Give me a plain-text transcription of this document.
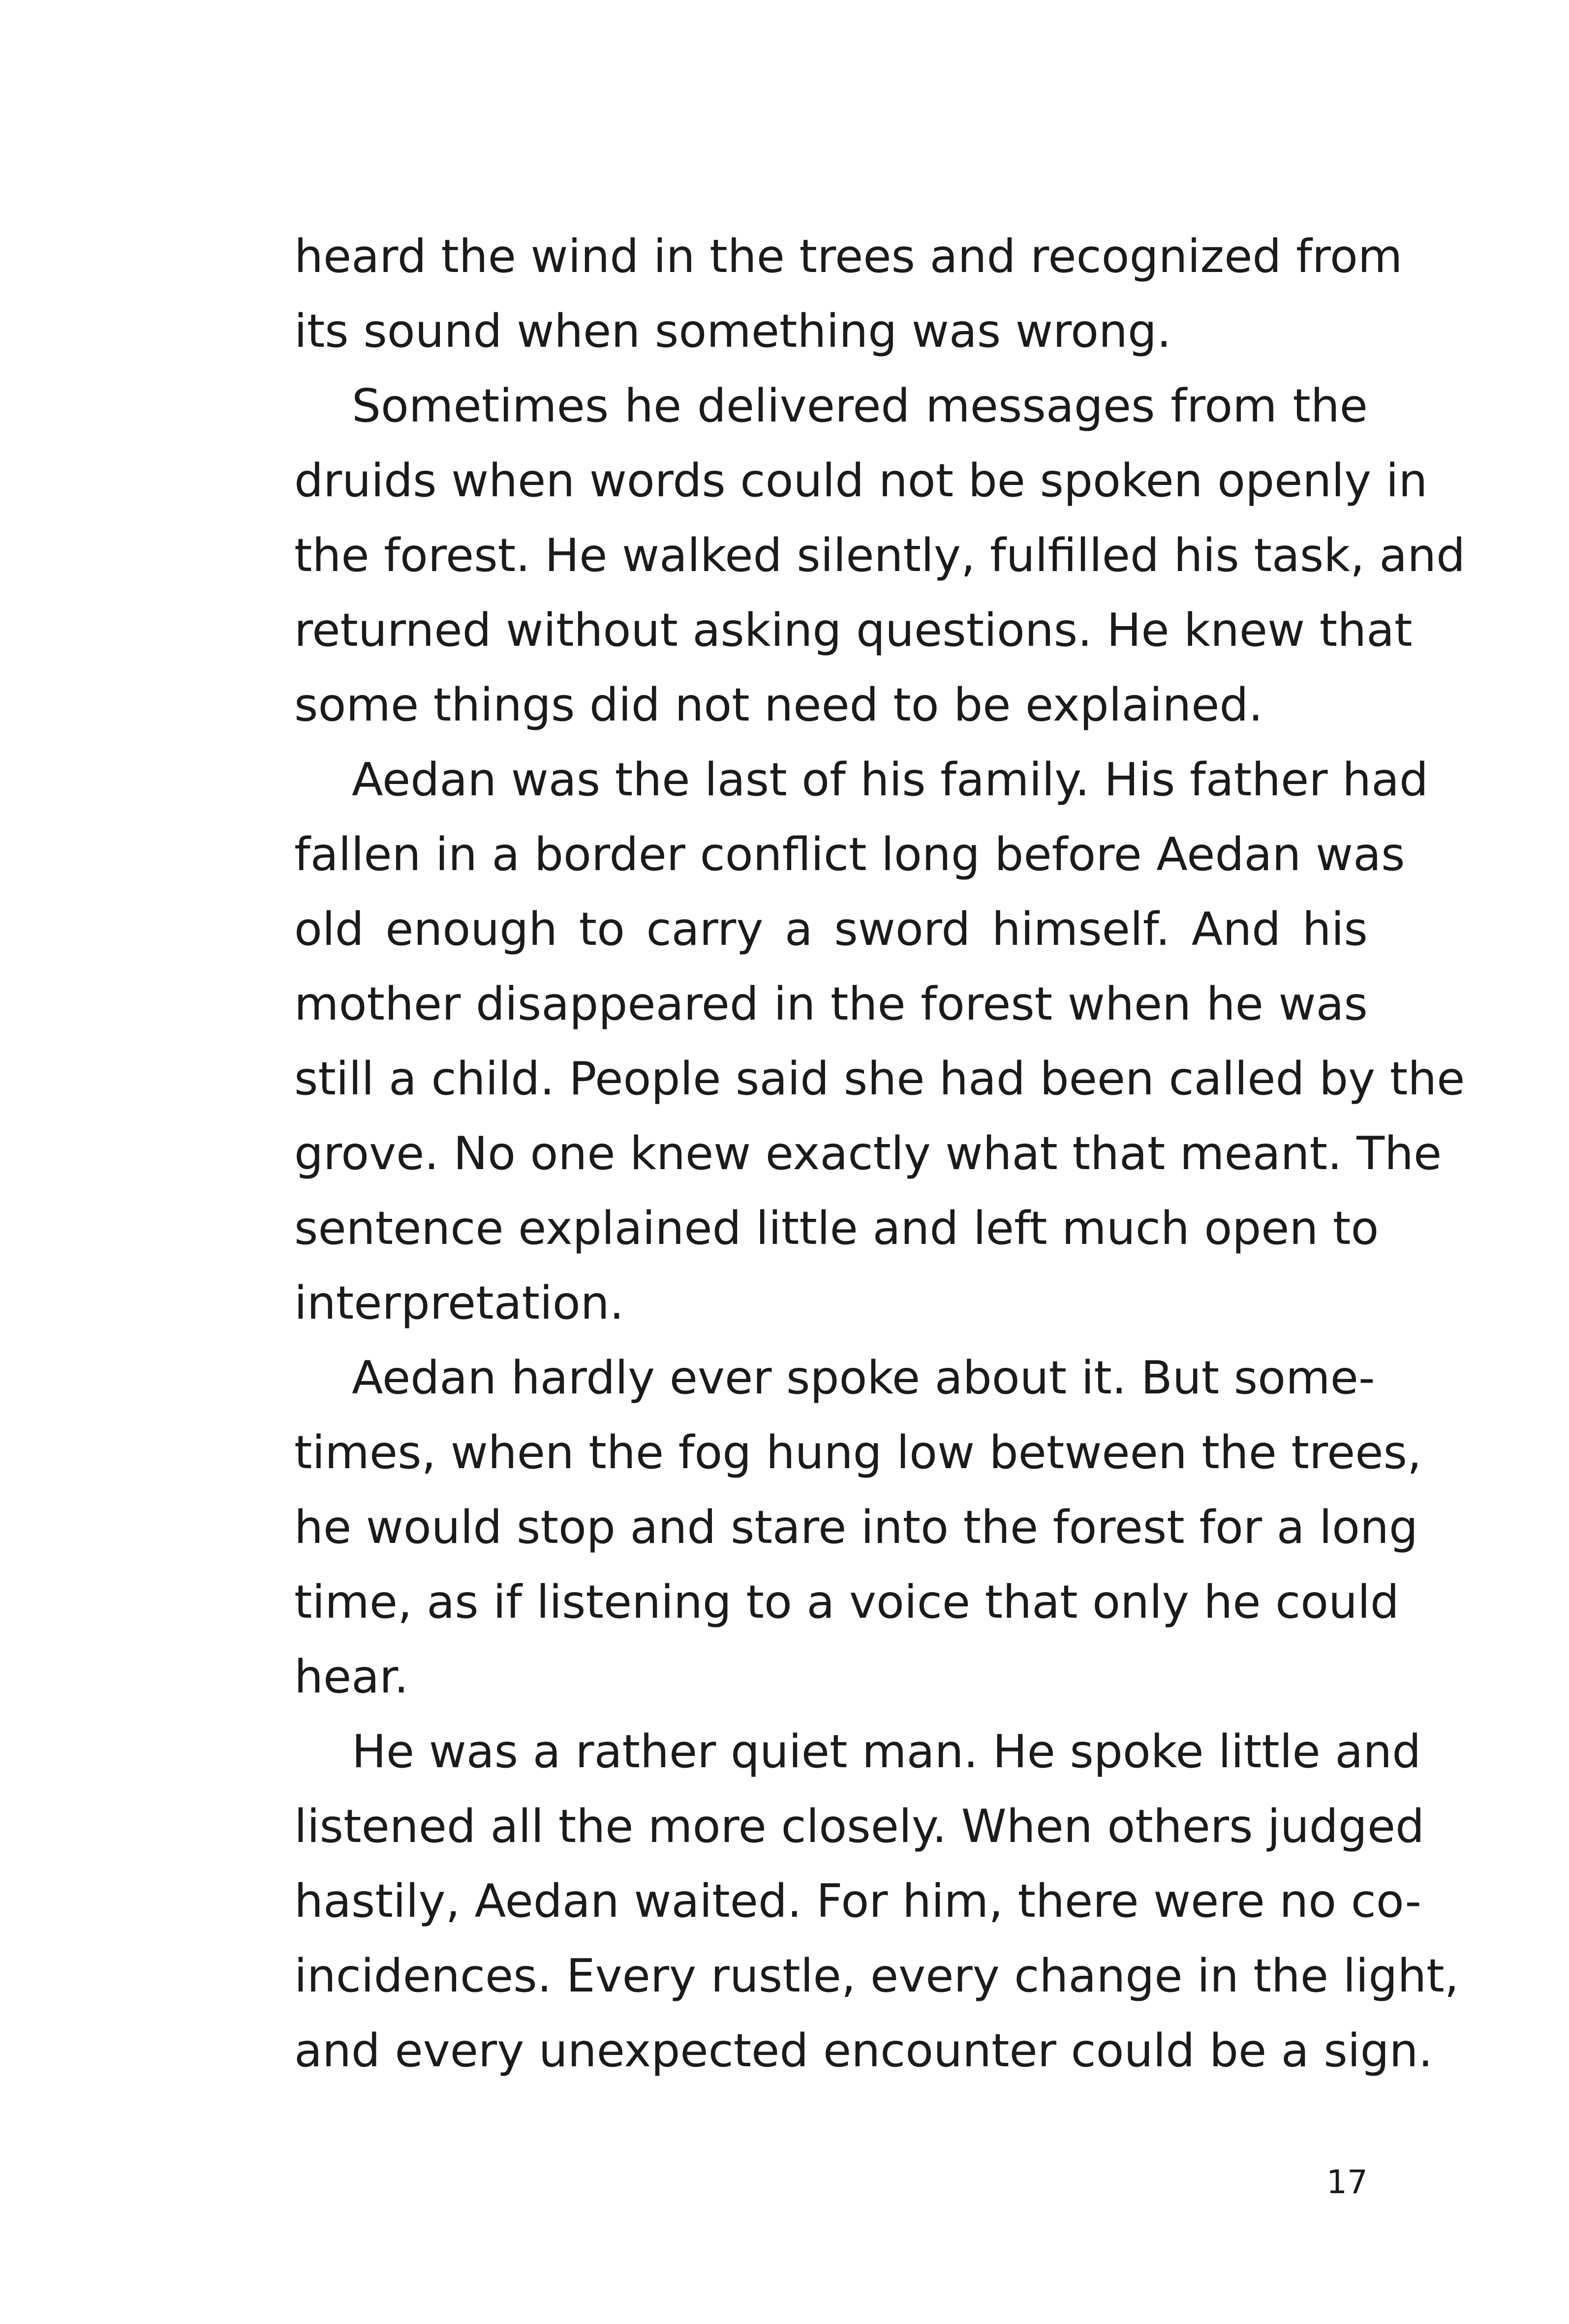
heard the wind in the trees and recognized from
its sound when something was wrong.
Sometimes he delivered messages from the
druids when words could not be spoken openly in
the forest. He walked silently, fulfilled his task, and
returned without asking questions. He knew that
some things did not need to be explained.
Aedan was the last of his family. His father had
fallen in a border conflict long before Aedan was
old enough to carry a sword himself. And his
mother disappeared in the forest when he was
still a child. People said she had been called by the
grove. No one knew exactly what that meant. The
sentence explained little and left much open to
interpretation.
Aedan hardly ever spoke about it. But some-
times, when the fog hung low between the trees,
he would stop and stare into the forest for a long
time, as if listening to a voice that only he could
hear.
He was a rather quiet man. He spoke little and
listened all the more closely. When others judged
hastily, Aedan waited. For him, there were no co-
incidences. Every rustle, every change in the light,
and every unexpected encounter could be a sign.
17
